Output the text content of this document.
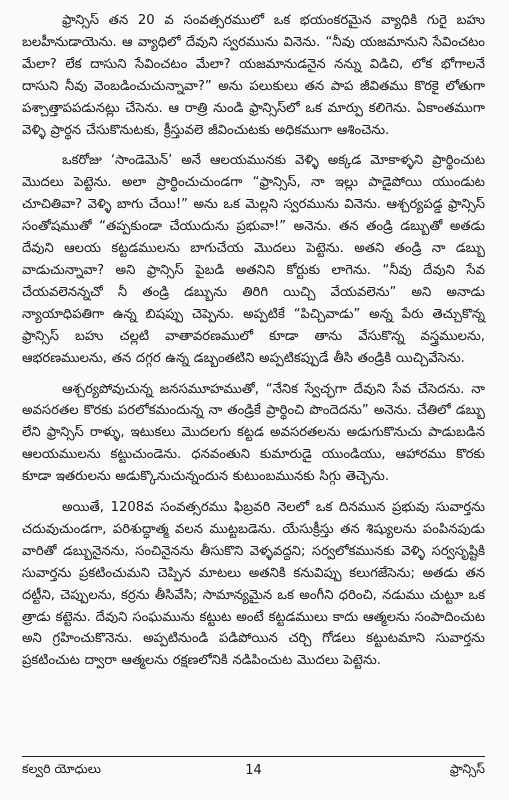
ఫ్రాన్సిస్ తన 20 వ సంవత్సరములో ఒక భయంకరమైన వ్యాధికి గురై బహు బలహీనుడాయెను. ఆ వ్యాధిలో దేవుని స్వరమును వినెను. “నీవు యజమానుని సేవించటం మేలా? లేక దాసుని సేవించటం మేలా? యజమానుడనైన నన్ను విడిచి, లోక భోగాలనే దాసుని నీవు వెంబడించుచున్నావా?” అను పలుకులు తన పాప జీవితము కొరకై లోతుగా పశ్చాత్తాపపడునట్లు చేసెను. ఆ రాత్రి నుండి ఫ్రాన్సిస్‌లో ఒక మార్పు కలిగెను. ఏకాంతముగా వెళ్ళి ప్రార్థన చేసుకొనుటకు, క్రీస్తువలె జీవించుటకు అధికముగా ఆశించెను.

ఒకరోజు ‘సాండెమెన్’ అనే ఆలయమునకు వెళ్ళి అక్కడ మోకాళ్ళని ప్రార్థించుట మొదలు పెట్టెను. అలా ప్రార్థించుచుండగా “ఫ్రాన్సిస్, నా ఇల్లు పాడైపోయి యుండుట చూచితివా? వెళ్ళి బాగు చేయి!” అను ఒక మెల్లని స్వరమును వినెను. ఆశ్చర్యపడ్డ ఫ్రాన్సిస్ సంతోషముతో “తప్పకుండా చేయుదును ప్రభువా!” అనెను. తన తండ్రి డబ్బుతో అతడు దేవుని ఆలయ కట్టడములను బాగుచేయ మొదలు పెట్టెను. అతని తండ్రి నా డబ్బు వాడుచున్నావా? అని ఫ్రాన్సిస్ పైబడి అతనిని కోర్టుకు లాగెను. “నీవు దేవుని సేవ చేయవలెనన్నచో నీ తండ్రి డబ్బును తిరిగి యిచ్చి వేయవలెను” అని అనాడు న్యాయాధిపతిగా ఉన్న బిషప్పు చెప్పెను. అప్పటికే “పిచ్చివాడు” అన్న పేరు తెచ్చుకొన్న ఫ్రాన్సిస్ బహు చల్లటి వాతావరణములో కూడా తాను వేసుకొన్న వస్త్రములను, ఆభరణములను, తన దగ్గర ఉన్న డబ్బంతటిని అప్పటికప్పుడే తీసి తండ్రికి యిచ్చివేసెను.

ఆశ్చర్యపోవుచున్న జనసమూహముతో, “నేనిక స్వేచ్ఛగా దేవుని సేవ చేసెదను. నా అవసరతల కొరకు పరలోకమందున్న నా తండ్రికే ప్రార్థించి పొందెదను” అనెను. చేతిలో డబ్బు లేని ఫ్రాన్సిస్ రాళ్ళు, ఇటుకలు మొదలగు కట్టడ అవసరతలను అడుగుకొనుచు పాడుబడిన ఆలయములను కట్టుచుండెను. ధనవంతుని కుమారుడై యుండియు, ఆహారము కొరకు కూడా ఇతరులను అడుక్కొనుచున్నందున కుటుంబమునకు సిగ్గు తెచ్చెను.

అయితే, 1208వ సంవత్సరము ఫిబ్రవరి నెలలో ఒక దినమున ప్రభువు సువార్తను చదువుచుండగా, పరిశుద్ధాత్మ వలన ముట్టబడెను. యేసుక్రీస్తు తన శిష్యులను పంపినపుడు వారితో డబ్బునైనను, సంచినైనను తీసుకొని వెళ్ళవద్దని; సర్వలోకమునకు వెళ్ళి సర్వసృష్టికి సువార్తను ప్రకటించుమని చెప్పిన మాటలు అతనికి కనువిప్పు కలుగజేసెను; అతడు తన దట్టీని, చెప్పులను, కర్రను తీసివేసి; సామాన్యమైన ఒక అంగీని ధరించి, నడుము చుట్టూ ఒక త్రాడు కట్టెను. దేవుని సంఘమును కట్టుట అంటే కట్టడములు కాదు ఆత్మలను సంపాదించుట అని గ్రహించుకొనెను. అప్పటినుండి పడిపోయిన చర్చి గోడలు కట్టుటమాని సువార్తను ప్రకటించుట ద్వారా ఆత్మలను రక్షణలోనికి నడిపించుట మొదలు పెట్టెను.

కల్వరి యోధులు	14	ఫ్రాన్సిస్
